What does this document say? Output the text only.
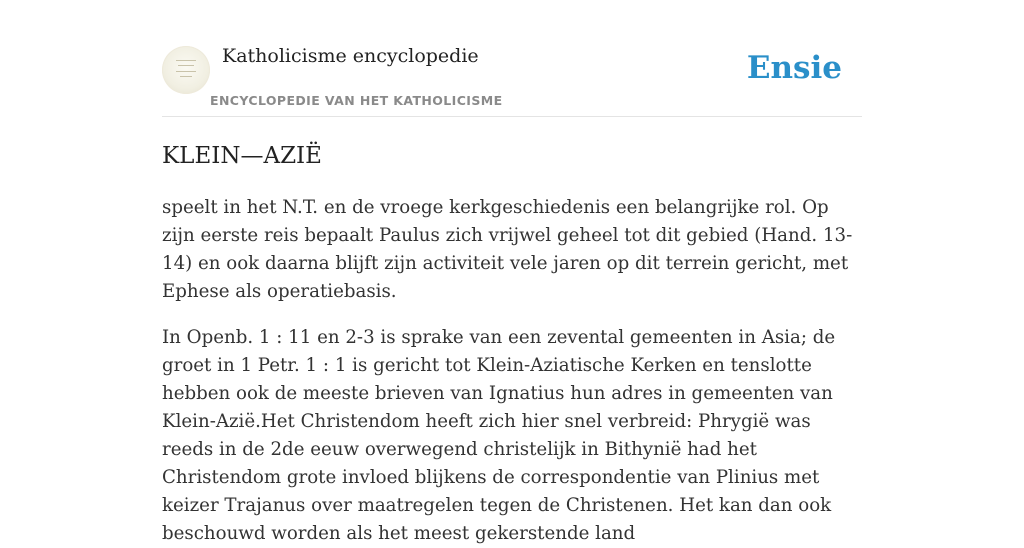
Katholicisme encyclopedie

ENCYCLOPEDIE VAN HET KATHOLICISME

Ensie
KLEIN—AZIË

speelt in het N.T. en de vroege kerkgeschiedenis een belangrijke rol. Op zijn eerste reis bepaalt Paulus zich vrijwel geheel tot dit gebied (Hand. 13-14) en ook daarna blijft zijn activiteit vele jaren op dit terrein gericht, met Ephese als operatiebasis.

In Openb. 1 : 11 en 2-3 is sprake van een zevental gemeenten in Asia; de groet in 1 Petr. 1 : 1 is gericht tot Klein-Aziatische Kerken en tenslotte hebben ook de meeste brieven van Ignatius hun adres in gemeenten van Klein-Azië.Het Christendom heeft zich hier snel verbreid: Phrygië was reeds in de 2de eeuw overwegend christelijk in Bithynië had het Christendom grote invloed blijkens de correspondentie van Plinius met keizer Trajanus over maatregelen tegen de Christenen. Het kan dan ook beschouwd worden als het meest gekerstende land
